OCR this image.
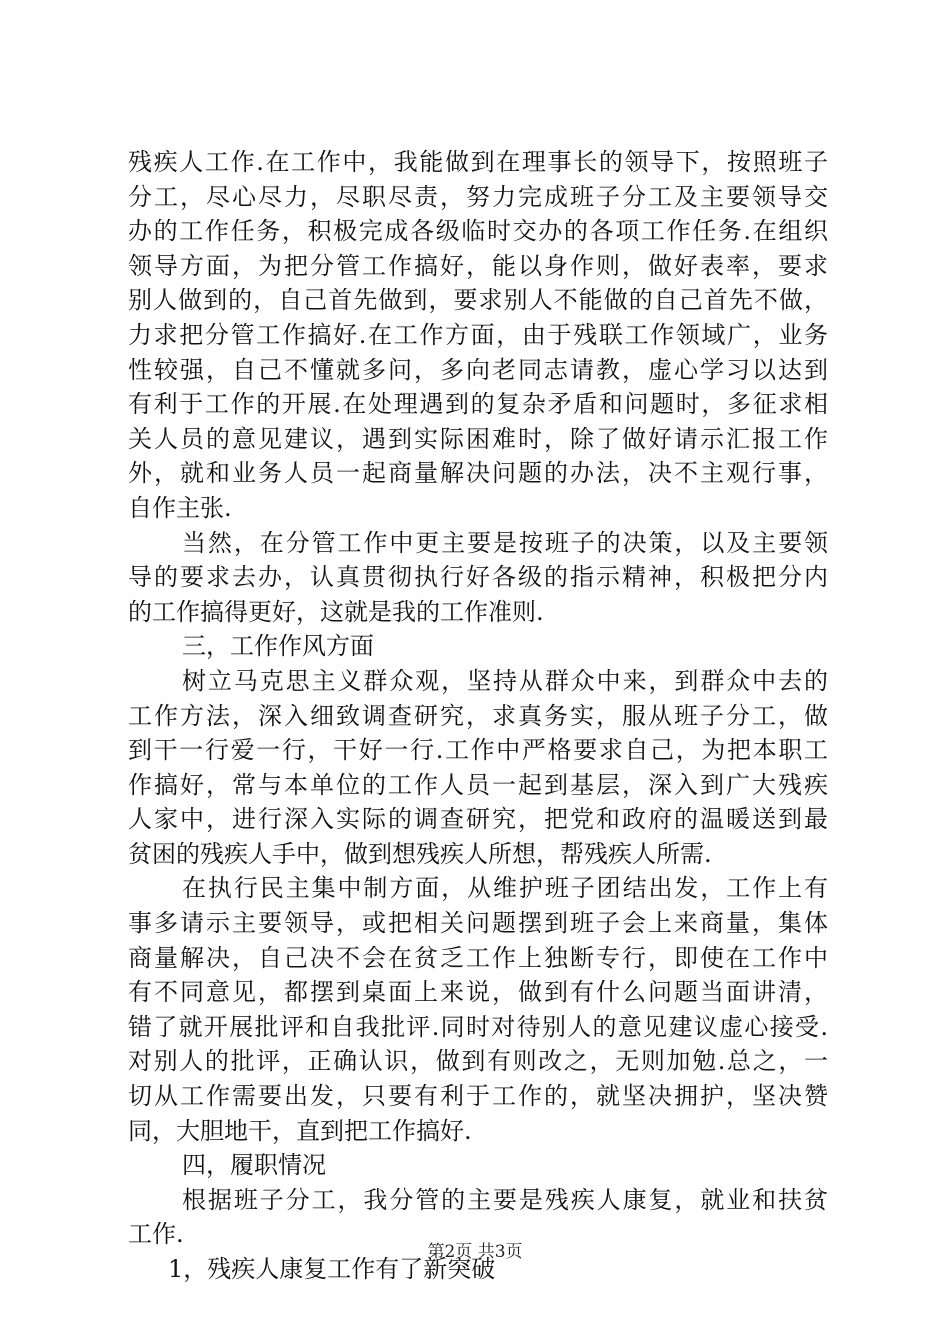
残疾人工作.在工作中，我能做到在理事长的领导下，按照班子
分工，尽心尽力，尽职尽责，努力完成班子分工及主要领导交
办的工作任务，积极完成各级临时交办的各项工作任务.在组织
领导方面，为把分管工作搞好，能以身作则，做好表率，要求
别人做到的，自己首先做到，要求别人不能做的自己首先不做，
力求把分管工作搞好.在工作方面，由于残联工作领域广，业务
性较强，自己不懂就多问，多向老同志请教，虚心学习以达到
有利于工作的开展.在处理遇到的复杂矛盾和问题时，多征求相
关人员的意见建议，遇到实际困难时，除了做好请示汇报工作
外，就和业务人员一起商量解决问题的办法，决不主观行事，
自作主张.
当然，在分管工作中更主要是按班子的决策，以及主要领
导的要求去办，认真贯彻执行好各级的指示精神，积极把分内
的工作搞得更好，这就是我的工作准则.
三，工作作风方面
树立马克思主义群众观，坚持从群众中来，到群众中去的
工作方法，深入细致调查研究，求真务实，服从班子分工，做
到干一行爱一行，干好一行.工作中严格要求自己，为把本职工
作搞好，常与本单位的工作人员一起到基层，深入到广大残疾
人家中，进行深入实际的调查研究，把党和政府的温暖送到最
贫困的残疾人手中，做到想残疾人所想，帮残疾人所需.
在执行民主集中制方面，从维护班子团结出发，工作上有
事多请示主要领导，或把相关问题摆到班子会上来商量，集体
商量解决，自己决不会在贫乏工作上独断专行，即使在工作中
有不同意见，都摆到桌面上来说，做到有什么问题当面讲清，
错了就开展批评和自我批评.同时对待别人的意见建议虚心接受.
对别人的批评，正确认识，做到有则改之，无则加勉.总之，一
切从工作需要出发，只要有利于工作的，就坚决拥护，坚决赞
同，大胆地干，直到把工作搞好.
四，履职情况
根据班子分工，我分管的主要是残疾人康复，就业和扶贫
工作.
1，残疾人康复工作有了新突破
第2页 共3页
